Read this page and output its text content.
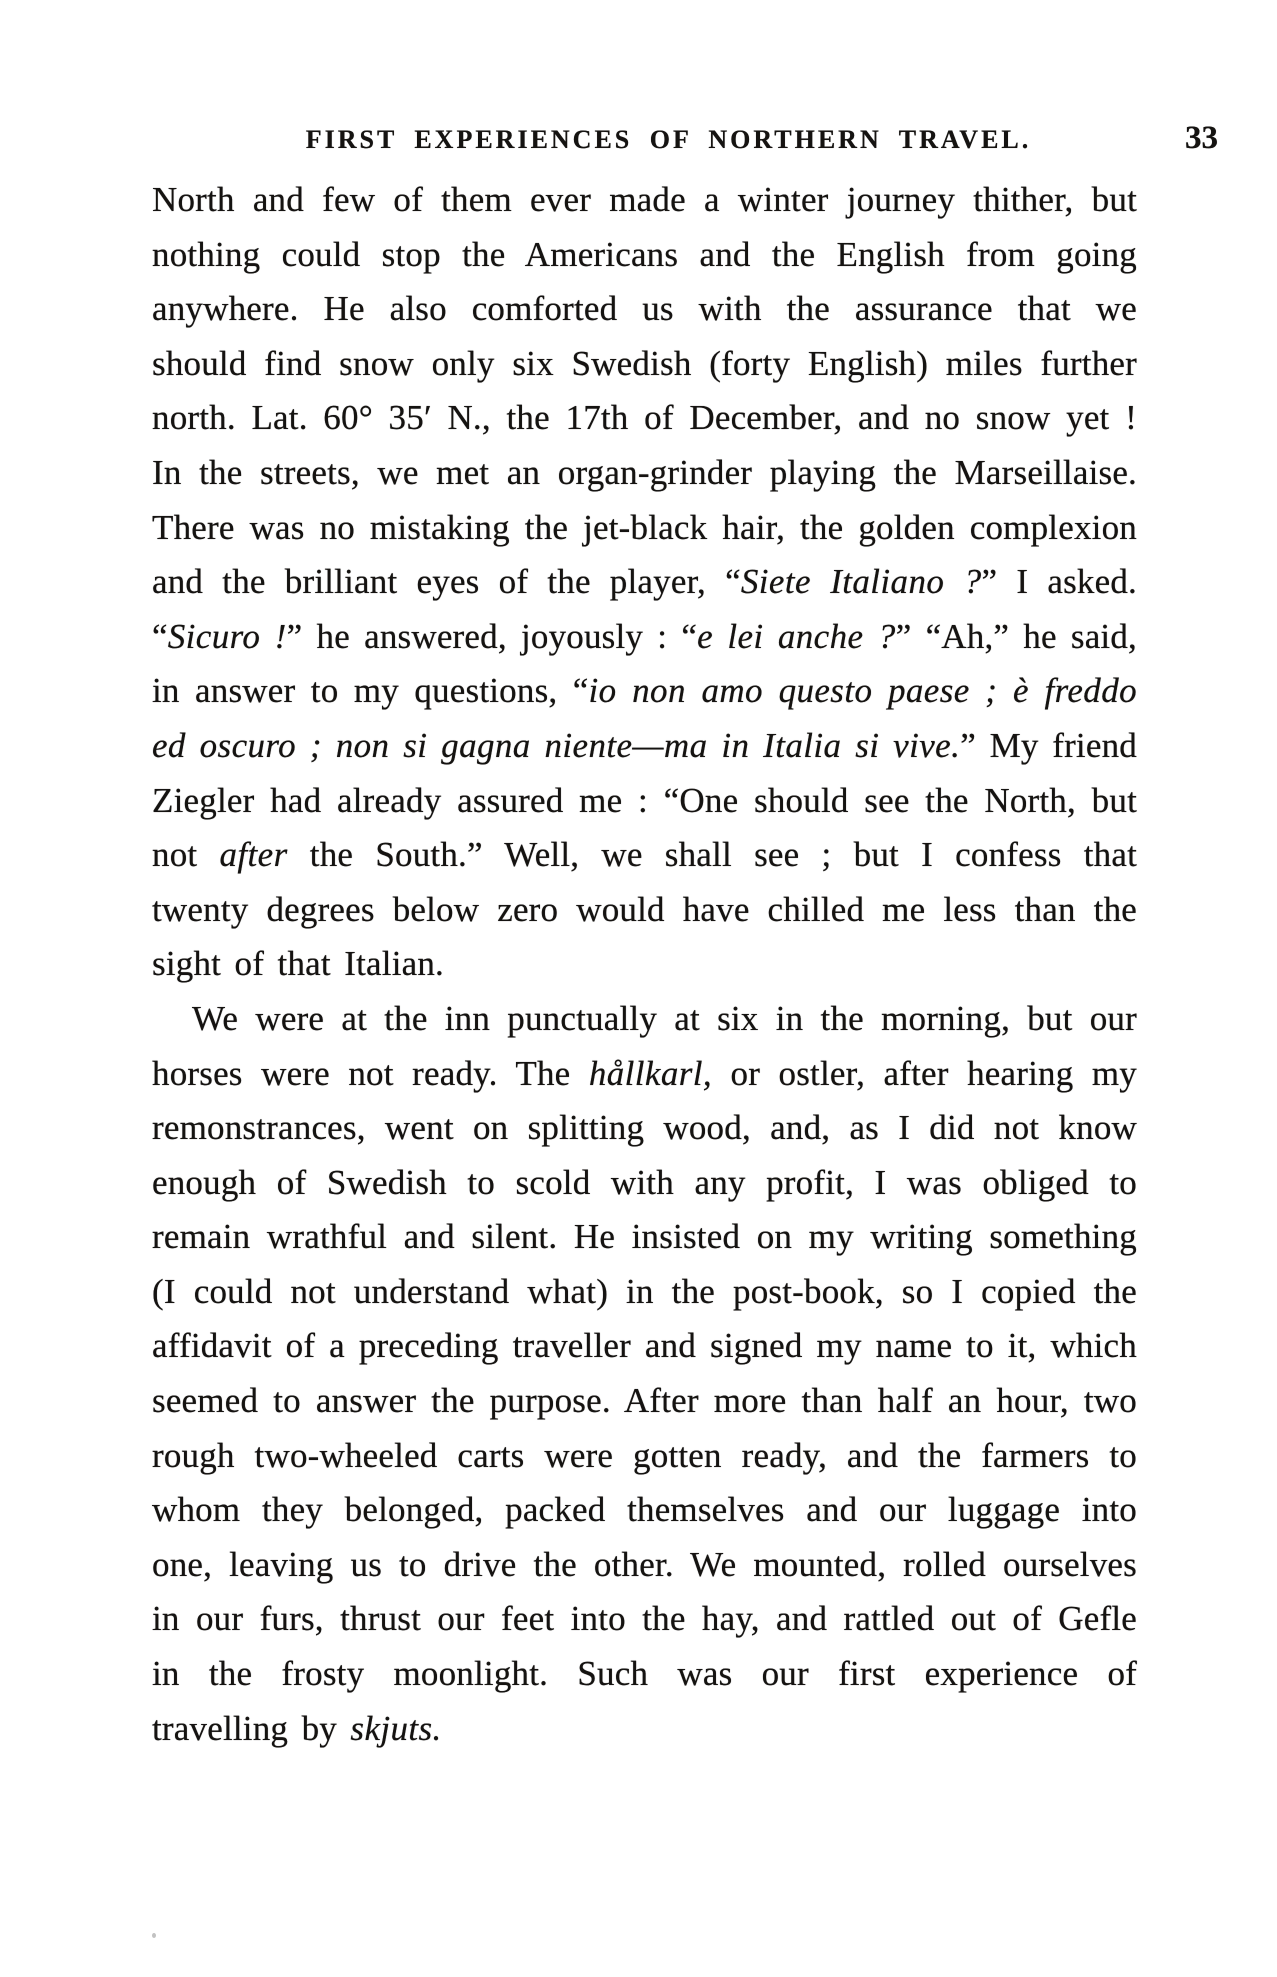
FIRST EXPERIENCES OF NORTHERN TRAVEL.	33

North and few of them ever made a winter journey thither, but nothing could stop the Americans and the English from going anywhere. He also comforted us with the assurance that we should find snow only six Swedish (forty English) miles further north. Lat. 60° 35′ N., the 17th of December, and no snow yet ! In the streets, we met an organ-grinder playing the Marseillaise. There was no mistaking the jet-black hair, the golden complexion and the brilliant eyes of the player, “Siete Italiano ?” I asked. “Sicuro !” he answered, joyously : “e lei anche ?” “Ah,” he said, in answer to my questions, “io non amo questo paese ; è freddo ed oscuro ; non si gagna niente—ma in Italia si vive.” My friend Ziegler had already assured me : “One should see the North, but not after the South.” Well, we shall see ; but I confess that twenty degrees below zero would have chilled me less than the sight of that Italian.

We were at the inn punctually at six in the morning, but our horses were not ready. The hållkarl, or ostler, after hearing my remonstrances, went on splitting wood, and, as I did not know enough of Swedish to scold with any profit, I was obliged to remain wrathful and silent. He insisted on my writing something (I could not understand what) in the post-book, so I copied the affidavit of a preceding traveller and signed my name to it, which seemed to answer the purpose. After more than half an hour, two rough two-wheeled carts were gotten ready, and the farmers to whom they belonged, packed themselves and our luggage into one, leaving us to drive the other. We mounted, rolled ourselves in our furs, thrust our feet into the hay, and rattled out of Gefle in the frosty moonlight. Such was our first experience of travelling by skjuts.
